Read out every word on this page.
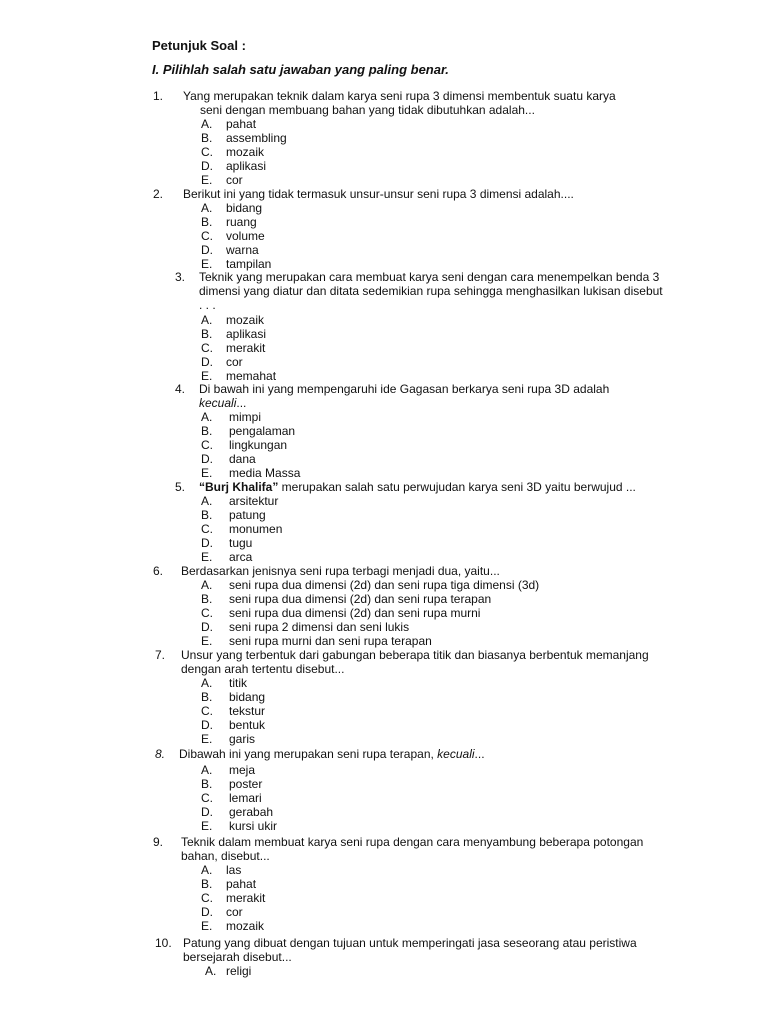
Petunjuk Soal :
I. Pilihlah salah satu jawaban yang paling benar.
1. Yang merupakan teknik dalam karya seni rupa 3 dimensi membentuk suatu karya
seni dengan membuang bahan yang tidak dibutuhkan adalah...
A. pahat
B. assembling
C. mozaik
D. aplikasi
E. cor
2. Berikut ini yang tidak termasuk unsur-unsur seni rupa 3 dimensi adalah....
A. bidang
B. ruang
C. volume
D. warna
E. tampilan
3. Teknik yang merupakan cara membuat karya seni dengan cara menempelkan benda 3
dimensi yang diatur dan ditata sedemikian rupa sehingga menghasilkan lukisan disebut
. . .
A. mozaik
B. aplikasi
C. merakit
D. cor
E. memahat
4. Di bawah ini yang mempengaruhi ide Gagasan berkarya seni rupa 3D adalah
kecuali...
A. mimpi
B. pengalaman
C. lingkungan
D. dana
E. media Massa
5. “Burj Khalifa” merupakan salah satu perwujudan karya seni 3D yaitu berwujud ...
A. arsitektur
B. patung
C. monumen
D. tugu
E. arca
6. Berdasarkan jenisnya seni rupa terbagi menjadi dua, yaitu...
A. seni rupa dua dimensi (2d) dan seni rupa tiga dimensi (3d)
B. seni rupa dua dimensi (2d) dan seni rupa terapan
C. seni rupa dua dimensi (2d) dan seni rupa murni
D. seni rupa 2 dimensi dan seni lukis
E. seni rupa murni dan seni rupa terapan
7. Unsur yang terbentuk dari gabungan beberapa titik dan biasanya berbentuk memanjang
dengan arah tertentu disebut...
A. titik
B. bidang
C. tekstur
D. bentuk
E. garis
8. Dibawah ini yang merupakan seni rupa terapan, kecuali...
A. meja
B. poster
C. lemari
D. gerabah
E. kursi ukir
9. Teknik dalam membuat karya seni rupa dengan cara menyambung beberapa potongan
bahan, disebut...
A. las
B. pahat
C. merakit
D. cor
E. mozaik
10. Patung yang dibuat dengan tujuan untuk memperingati jasa seseorang atau peristiwa
bersejarah disebut...
A. religi
